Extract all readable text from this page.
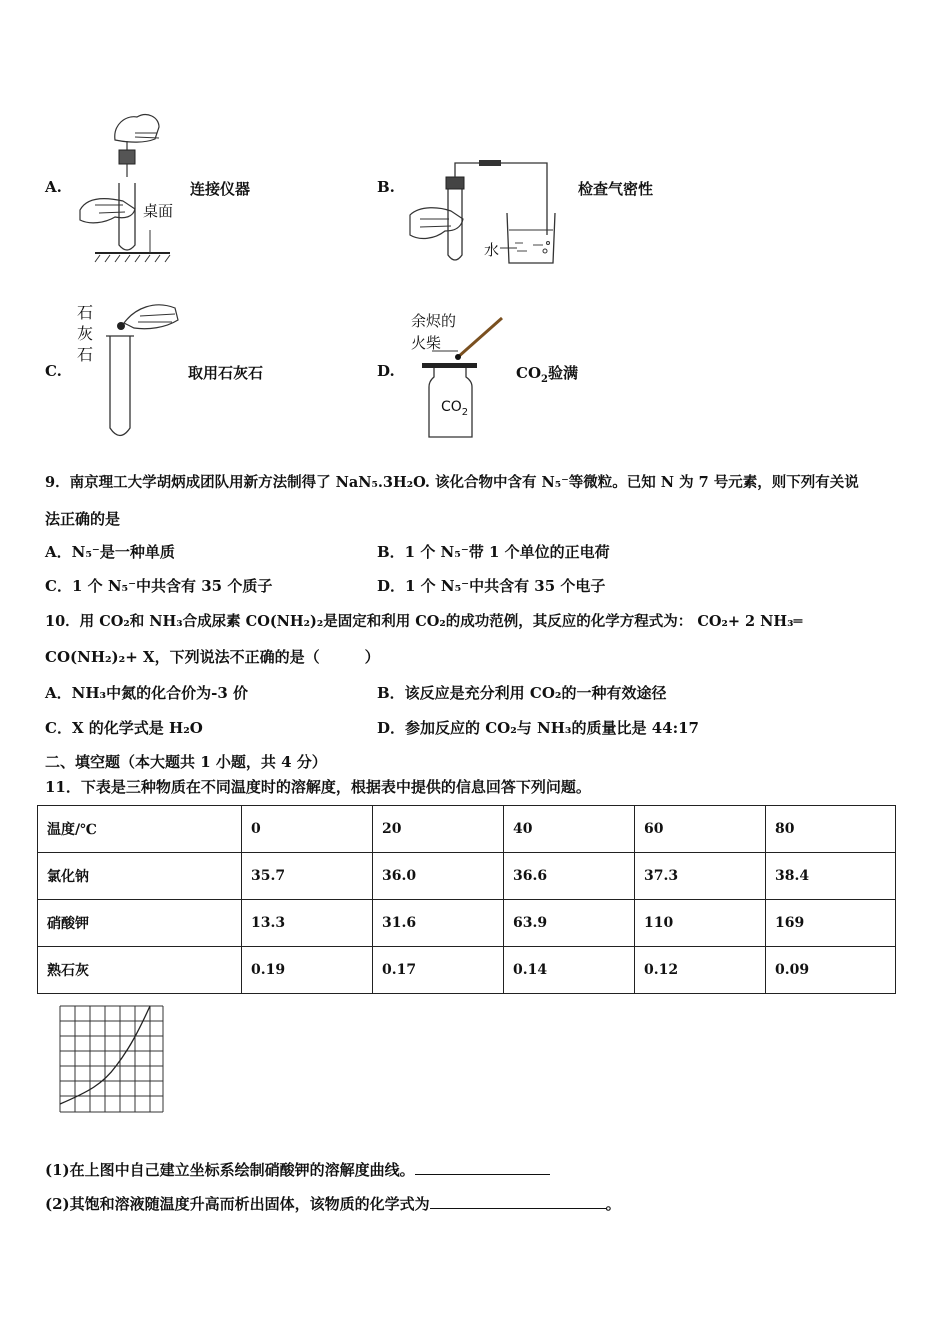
A.
桌面
连接仪器	B.
水
检查气密性
C.
石灰石
取用石灰石	D.
余烬的
火柴
$CO_2$
$CO_2$验满
9．南京理工大学胡炳成团队用新方法制得了 NaN₅.3H₂O. 该化合物中含有 N₅⁻等微粒。已知 N 为 7 号元素，则下列有关说
法正确的是
A．N₅⁻是一种单质	B．1 个 N₅⁻带 1 个单位的正电荷
C．1 个 N₅⁻中共含有 35 个质子	D．1 个 N₅⁻中共含有 35 个电子
10．用 CO₂和 NH₃合成尿素 CO(NH₂)₂是固定和利用 CO₂的成功范例，其反应的化学方程式为： CO₂+ 2 NH₃═
CO(NH₂)₂+ X，下列说法不正确的是（　　　）
A．NH₃中氮的化合价为-3 价	B．该反应是充分利用 CO₂的一种有效途径
C．X 的化学式是 H₂O	D．参加反应的 CO₂与 NH₃的质量比是 44:17
二、填空题（本大题共 1 小题，共 4 分）
11．下表是三种物质在不同温度时的溶解度，根据表中提供的信息回答下列问题。
温度/℃	0	20	40	60	80
氯化钠	35.7	36.0	36.6	37.3	38.4
硝酸钾	13.3	31.6	63.9	110	169
熟石灰	0.19	0.17	0.14	0.12	0.09
(1)在上图中自己建立坐标系绘制硝酸钾的溶解度曲线。
(2)其饱和溶液随温度升高而析出固体，该物质的化学式为	。
